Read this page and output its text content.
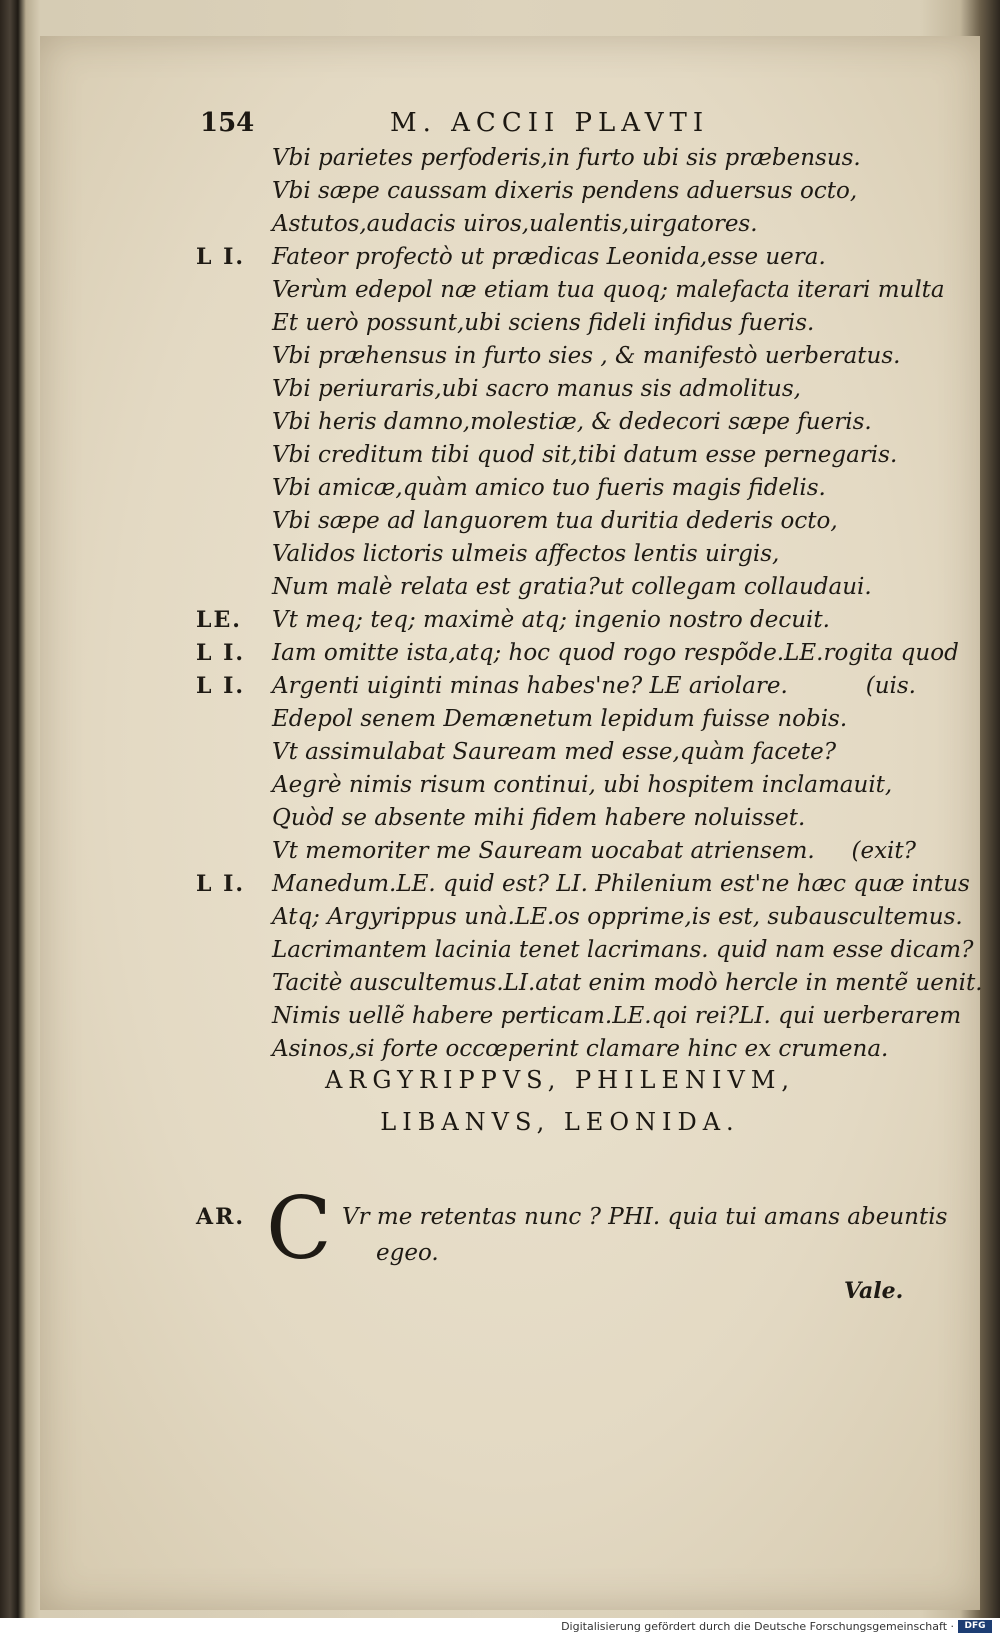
154	M. ACCII PLAVTI
Vbi parietes perfoderis,in furto ubi sis præbensus.
Vbi sæpe caussam dixeris pendens aduersus octo,
Astutos,audacis uiros,ualentis,uirgatores.
L I.	Fateor profectò ut prædicas Leonida,esse uera.
Verùm edepol næ etiam tua quoq; malefacta iterari multa
Et uerò possunt,ubi sciens fideli infidus fueris.
Vbi præhensus in furto sies , & manifestò uerberatus.
Vbi periuraris,ubi sacro manus sis admolitus,
Vbi heris damno,molestiæ, & dedecori sæpe fueris.
Vbi creditum tibi quod sit,tibi datum esse pernegaris.
Vbi amicæ,quàm amico tuo fueris magis fidelis.
Vbi sæpe ad languorem tua duritia dederis octo,
Validos lictoris ulmeis affectos lentis uirgis,
Num malè relata est gratia?ut collegam collaudaui.
LE.	Vt meq; teq; maximè atq; ingenio nostro decuit.
L I.	Iam omitte ista,atq; hoc quod rogo respõde.LE.rogita quod
L I.	Argenti uiginti minas habes'ne? LE ariolare.	(uis.
Edepol senem Demænetum lepidum fuisse nobis.
Vt assimulabat Sauream med esse,quàm facete?
Aegrè nimis risum continui, ubi hospitem inclamauit,
Quòd se absente mihi fidem habere noluisset.
Vt memoriter me Sauream uocabat atriensem. (exit?
L I.	Manedum.LE. quid est? LI. Philenium est'ne hæc quæ intus
Atq; Argyrippus unà.LE.os opprime,is est, subauscultemus.
Lacrimantem lacinia tenet lacrimans. quid nam esse dicam?
Tacitè auscultemus.LI.atat enim modò hercle in mentẽ uenit.
Nimis uellẽ habere perticam.LE.qoi rei?LI. qui uerberarem
Asinos,si forte occœperint clamare hinc ex crumena.
ARGYRIPPVS, PHILENIVM,
LIBANVS, LEONIDA.
AR. C Vr me retentas nunc ? PHI. quia tui amans abeuntis
egeo.
Vale.
Digitalisierung gefördert durch die Deutsche Forschungsgemeinschaft ·	DFG
